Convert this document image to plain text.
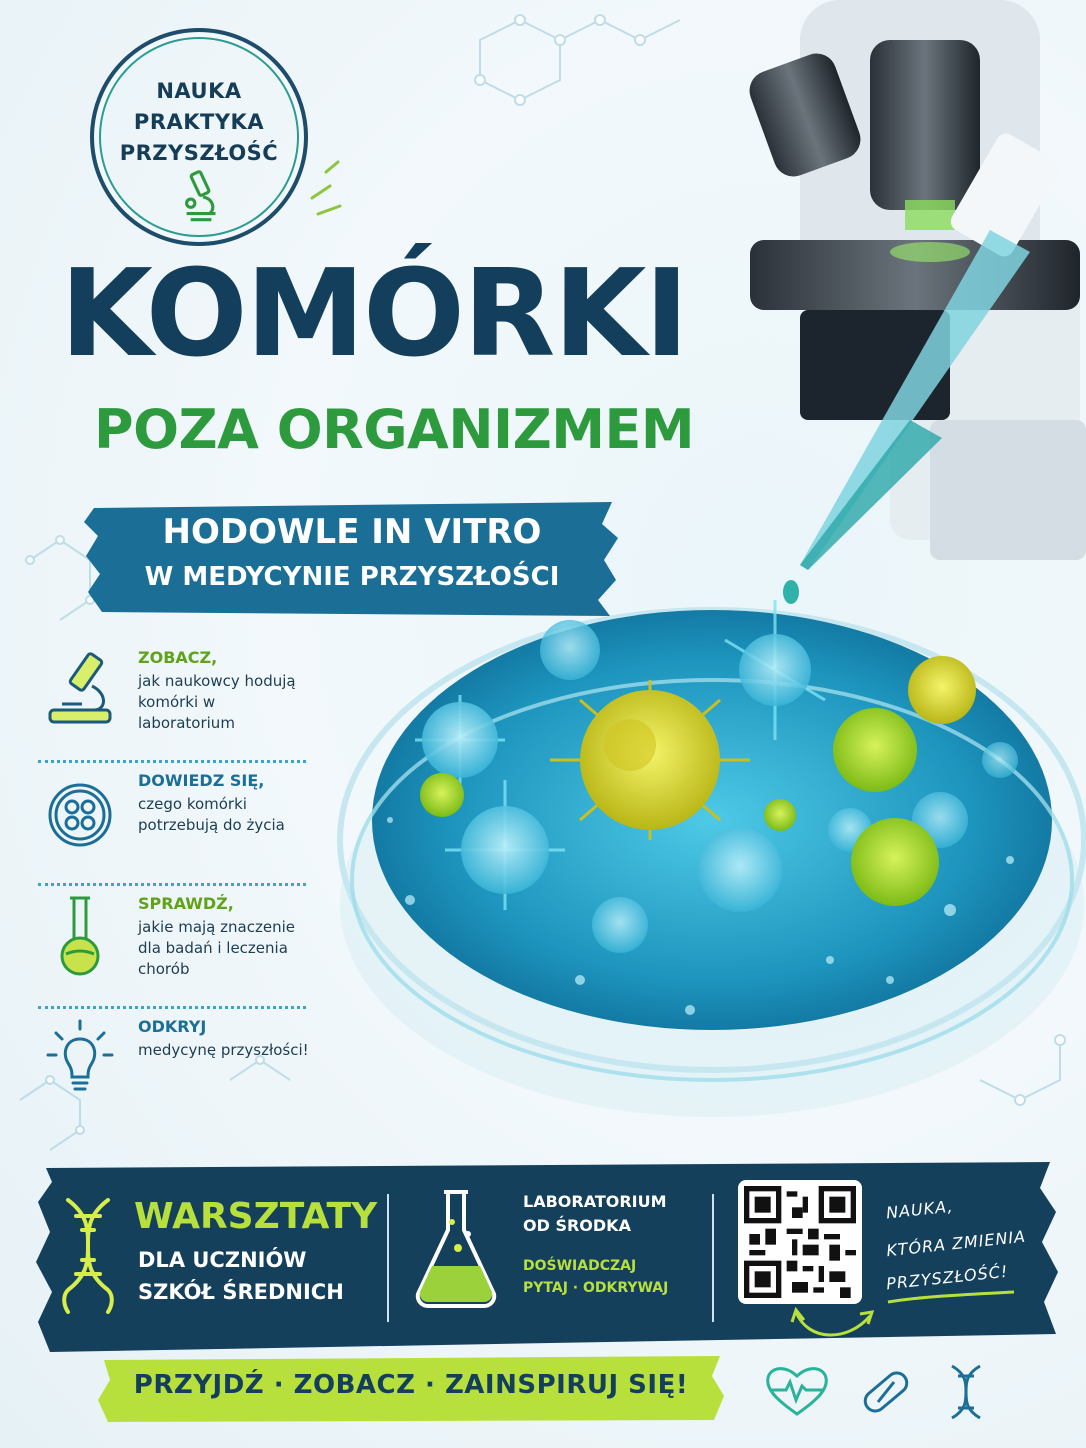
NAUKA
PRAKTYKA
PRZYSZŁOŚĆ
KOMÓRKI
POZA ORGANIZMEM
HODOWLE IN VITRO
W MEDYCYNIE PRZYSZŁOŚCI
ZOBACZ,
jak naukowcy hodują komórki w laboratorium
DOWIEDZ SIĘ,
czego komórki potrzebują do życia
SPRAWDŹ,
jakie mają znaczenie dla badań i leczenia chorób
ODKRYJ
medycynę przyszłości!
WARSZTATY
DLA UCZNIÓW
SZKÓŁ ŚREDNICH
LABORATORIUM
OD ŚRODKA
DOŚWIADCZAJ
PYTAJ · ODKRYWAJ
NAUKA,
KTÓRA ZMIENIA
PRZYSZŁOŚĆ!
PRZYJDŹ · ZOBACZ · ZAINSPIRUJ SIĘ!
